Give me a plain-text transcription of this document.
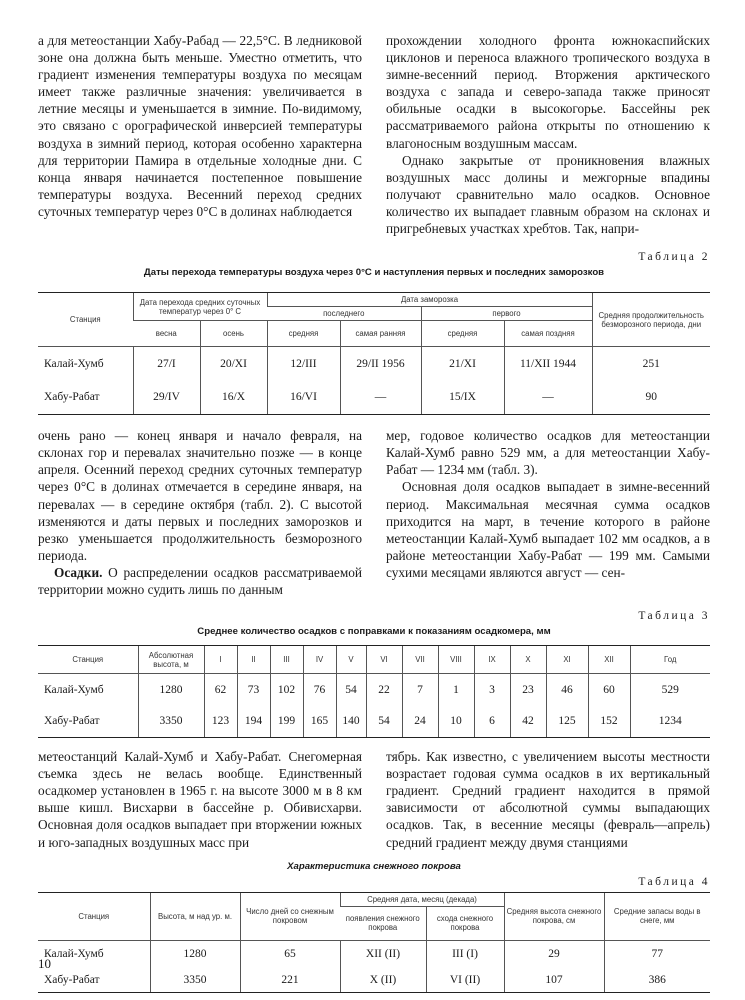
а для метеостанции Хабу-Рабад — 22,5°С. В ледниковой зоне она должна быть меньше. Уместно отметить, что градиент изменения температуры воздуха по месяцам имеет также различные значения: увеличивается в летние месяцы и уменьшается в зимние. По-видимому, это связано с орографической инверсией температуры воздуха в зимний период, которая особенно характерна для территории Памира в отдельные холодные дни. С конца января начинается постепенное повышение температуры воздуха. Весенний переход средних суточных температур через 0°С в долинах наблюдается

прохождении холодного фронта южнокаспийских циклонов и переноса влажного тропического воздуха в зимне-весенний период. Вторжения арктического воздуха с запада и северо-запада также приносят обильные осадки в высокогорье. Бассейны рек рассматриваемого района открыты по отношению к влагоносным воздушным массам.

Однако закрытые от проникновения влажных воздушных масс долины и межгорные впадины получают сравнительно мало осадков. Основное количество их выпадает главным образом на склонах и пригребневых участках хребтов. Так, напри-

Таблица 2

Даты перехода температуры воздуха через 0°С и наступления первых и последних заморозков

Станция	Дата перехода средних суточных температур через 0° С		Дата заморозка				Средняя продолжительность безморозного периода, дни
			последнего		первого		
	весна	осень	средняя	самая ранняя	средняя	самая поздняя	
Калай-Хумб	27/I	20/XI	12/III	29/II 1956	21/XI	11/XII 1944	251
Хабу-Рабат	29/IV	16/X	16/VI	—	15/IX	—	90

очень рано — конец января и начало февраля, на склонах гор и перевалах значительно позже — в конце апреля. Осенний переход средних суточных температур через 0°С в долинах отмечается в середине января, на перевалах — в середине октября (табл. 2). С высотой изменяются и даты первых и последних заморозков и резко уменьшается продолжительность безморозного периода.

Осадки. О распределении осадков рассматриваемой территории можно судить лишь по данным

мер, годовое количество осадков для метеостанции Калай-Хумб равно 529 мм, а для метеостанции Хабу-Рабат — 1234 мм (табл. 3).

Основная доля осадков выпадает в зимне-весенний период. Максимальная месячная сумма осадков приходится на март, в течение которого в районе метеостанции Калай-Хумб выпадает 102 мм осадков, а в районе метеостанции Хабу-Рабат — 199 мм. Самыми сухими месяцами являются август — сен-

Таблица 3

Среднее количество осадков с поправками к показаниям осадкомера, мм

Станция	Абсолютная высота, м	I	II	III	IV	V	VI	VII	VIII	IX	X	XI	XII	Год
Калай-Хумб	1280	62	73	102	76	54	22	7	1	3	23	46	60	529
Хабу-Рабат	3350	123	194	199	165	140	54	24	10	6	42	125	152	1234

метеостанций Калай-Хумб и Хабу-Рабат. Снегомерная съемка здесь не велась вообще. Единственный осадкомер установлен в 1965 г. на высоте 3000 м в 8 км выше кишл. Висхарви в бассейне р. Обивисхарви. Основная доля осадков выпадает при вторжении южных и юго-западных воздушных масс при

тябрь. Как известно, с увеличением высоты местности возрастает годовая сумма осадков в их вертикальный градиент. Средний градиент находится в прямой зависимости от абсолютной суммы выпадающих осадков. Так, в весенние месяцы (февраль—апрель) средний градиент между двумя станциями

Характеристика снежного покрова

Таблица 4

Станция	Высота, м над ур. м.	Число дней со снежным покровом	Средняя дата, месяц (декада)		Средняя высота снежного покрова, см	Средние запасы воды в снеге, мм
			появления снежного покрова	схода снежного покрова		
Калай-Хумб	1280	65	XII (II)	III (I)	29	77
Хабу-Рабат	3350	221	X (II)	VI (II)	107	386
10
